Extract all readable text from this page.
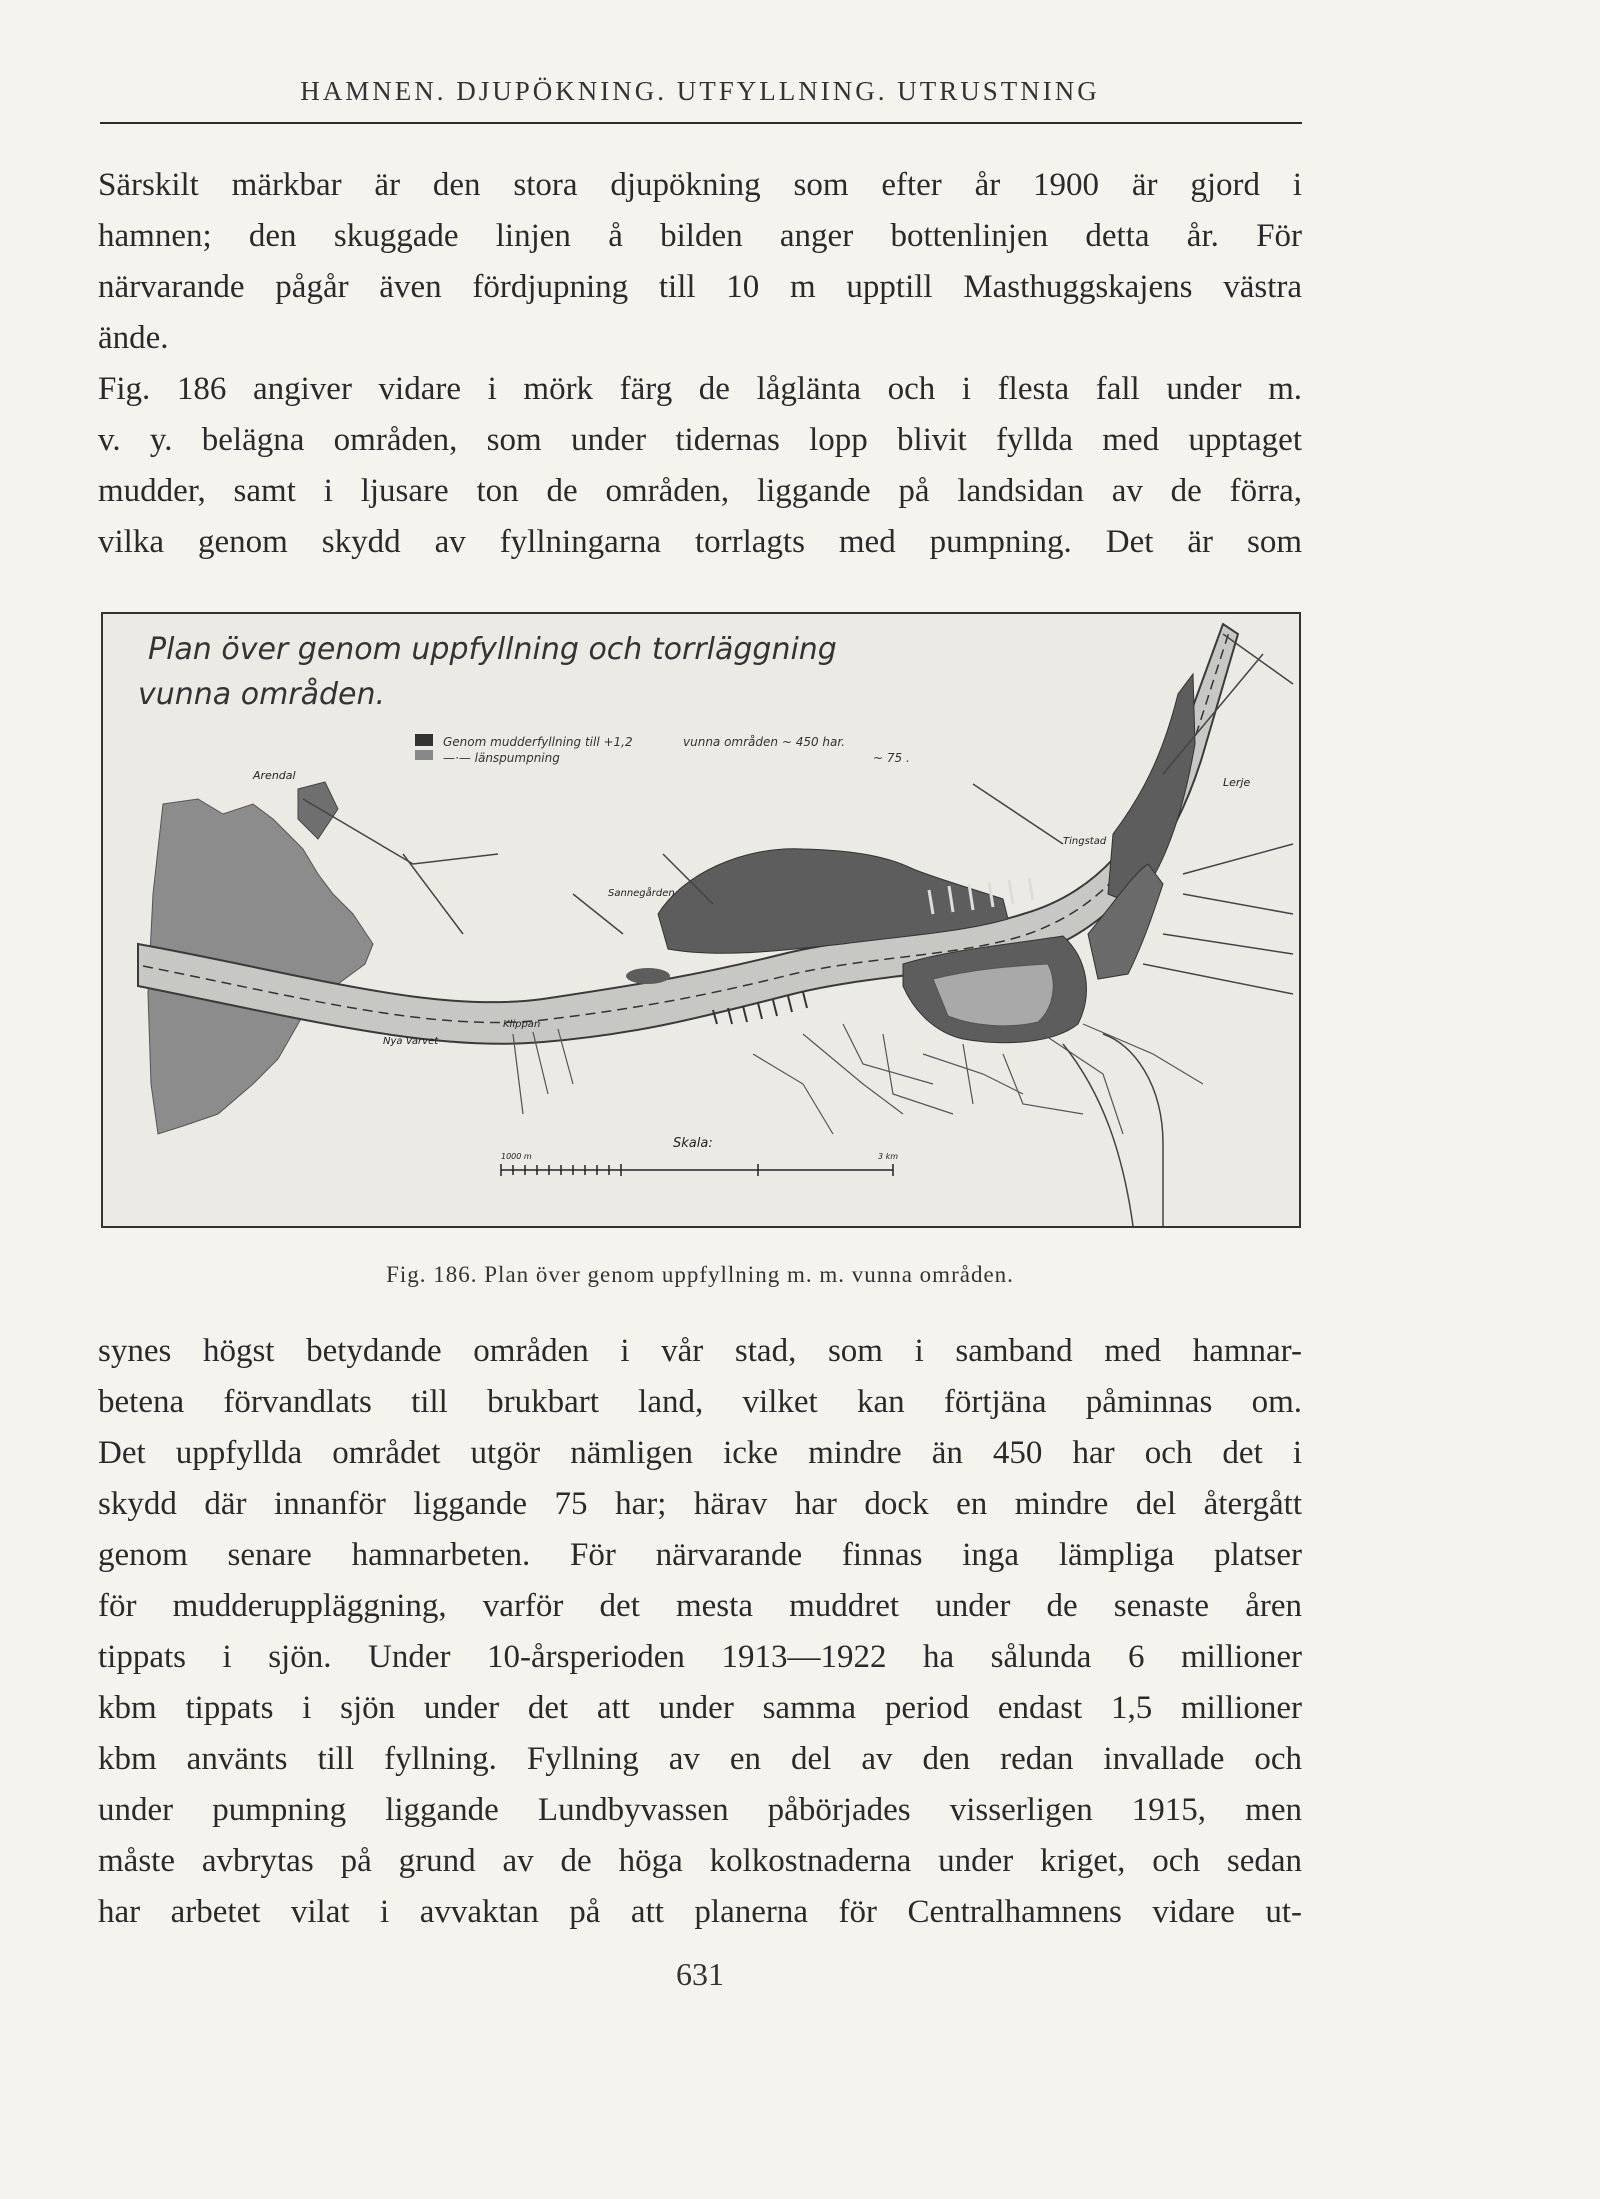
HAMNEN. DJUPÖKNING. UTFYLLNING. UTRUSTNING
Särskilt märkbar är den stora djupökning som efter år 1900 är gjord i
hamnen; den skuggade linjen å bilden anger bottenlinjen detta år. För
närvarande pågår även fördjupning till 10 m upptill Masthuggskajens västra
ände.
Fig. 186 angiver vidare i mörk färg de låglänta och i flesta fall under m.
v. y. belägna områden, som under tidernas lopp blivit fyllda med upptaget
mudder, samt i ljusare ton de områden, liggande på landsidan av de förra,
vilka genom skydd av fyllningarna torrlagts med pumpning. Det är som
Plan över genom uppfyllning och torrläggning
vunna områden.
Genom mudderfyllning till +1,2	vunna områden ~ 450 har.
—·— länspumpning	~ 75 .
Arendal
Lerje
Tingstad
Sannegården
Klippan
Nya Varvet
Skala:
1000 m	3 km
Fig. 186. Plan över genom uppfyllning m. m. vunna områden.
synes högst betydande områden i vår stad, som i samband med hamnar-
betena förvandlats till brukbart land, vilket kan förtjäna påminnas om.
Det uppfyllda området utgör nämligen icke mindre än 450 har och det i
skydd där innanför liggande 75 har; härav har dock en mindre del återgått
genom senare hamnarbeten. För närvarande finnas inga lämpliga platser
för mudderuppläggning, varför det mesta muddret under de senaste åren
tippats i sjön. Under 10-årsperioden 1913—1922 ha sålunda 6 millioner
kbm tippats i sjön under det att under samma period endast 1,5 millioner
kbm använts till fyllning. Fyllning av en del av den redan invallade och
under pumpning liggande Lundbyvassen påbörjades visserligen 1915, men
måste avbrytas på grund av de höga kolkostnaderna under kriget, och sedan
har arbetet vilat i avvaktan på att planerna för Centralhamnens vidare ut-
631
